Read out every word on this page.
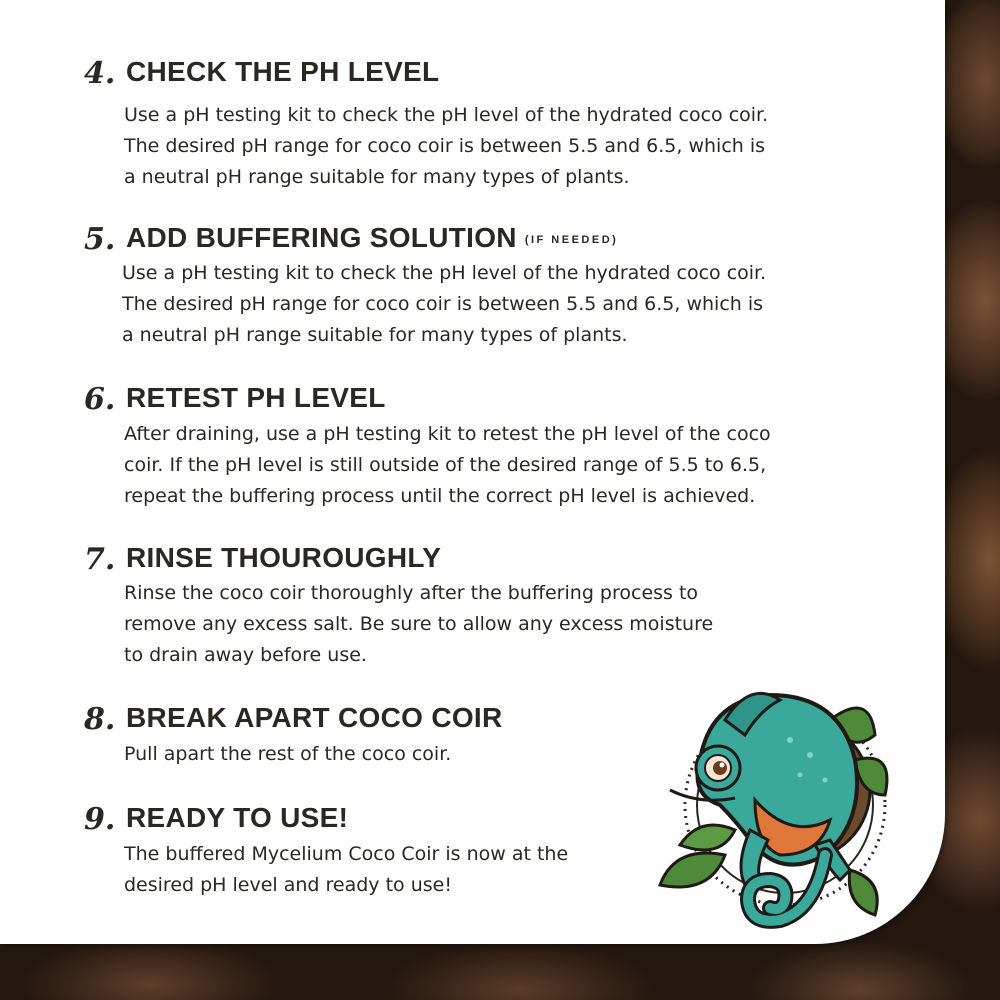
4. CHECK THE PH LEVEL
Use a pH testing kit to check the pH level of the hydrated coco coir.
The desired pH range for coco coir is between 5.5 and 6.5, which is
a neutral pH range suitable for many types of plants.
5. ADD BUFFERING SOLUTION (IF NEEDED)
Use a pH testing kit to check the pH level of the hydrated coco coir.
The desired pH range for coco coir is between 5.5 and 6.5, which is
a neutral pH range suitable for many types of plants.
6. RETEST PH LEVEL
After draining, use a pH testing kit to retest the pH level of the coco
coir. If the pH level is still outside of the desired range of 5.5 to 6.5,
repeat the buffering process until the correct pH level is achieved.
7. RINSE THOUROUGHLY
Rinse the coco coir thoroughly after the buffering process to
remove any excess salt. Be sure to allow any excess moisture
to drain away before use.
8. BREAK APART COCO COIR
Pull apart the rest of the coco coir.
9. READY TO USE!
The buffered Mycelium Coco Coir is now at the
desired pH level and ready to use!
